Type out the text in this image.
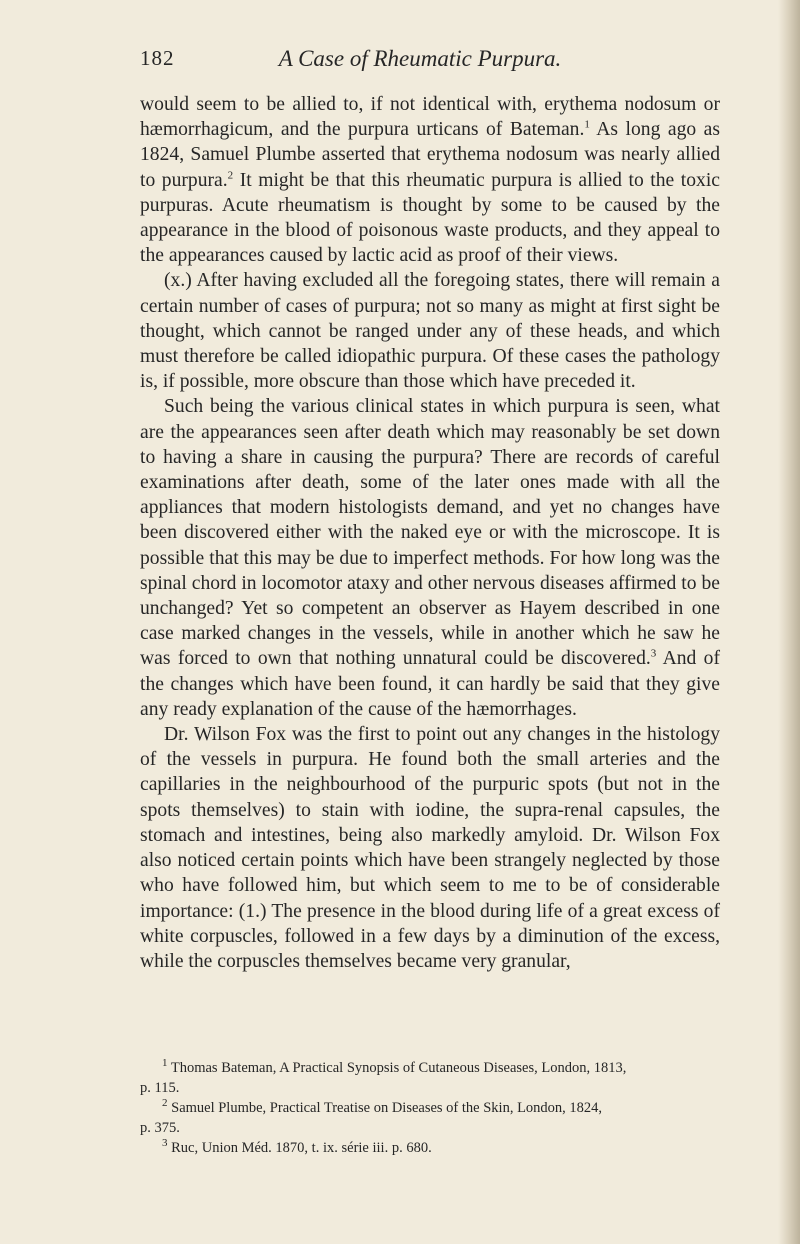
182	A Case of Rheumatic Purpura.

would seem to be allied to, if not identical with, erythema nodosum or hæmorrhagicum, and the purpura urticans of Bateman.$^1$ As long ago as 1824, Samuel Plumbe asserted that erythema nodosum was nearly allied to purpura.$^2$ It might be that this rheumatic purpura is allied to the toxic purpuras. Acute rheumatism is thought by some to be caused by the appearance in the blood of poisonous waste products, and they appeal to the appearances caused by lactic acid as proof of their views.

(x.) After having excluded all the foregoing states, there will remain a certain number of cases of purpura; not so many as might at first sight be thought, which cannot be ranged under any of these heads, and which must therefore be called idiopathic purpura. Of these cases the pathology is, if possible, more obscure than those which have preceded it.

Such being the various clinical states in which purpura is seen, what are the appearances seen after death which may reasonably be set down to having a share in causing the purpura? There are records of careful examinations after death, some of the later ones made with all the appliances that modern histologists demand, and yet no changes have been discovered either with the naked eye or with the microscope. It is possible that this may be due to imperfect methods. For how long was the spinal chord in locomotor ataxy and other nervous diseases affirmed to be unchanged? Yet so competent an observer as Hayem described in one case marked changes in the vessels, while in another which he saw he was forced to own that nothing unnatural could be discovered.$^3$ And of the changes which have been found, it can hardly be said that they give any ready explanation of the cause of the hæmorrhages.

Dr. Wilson Fox was the first to point out any changes in the histology of the vessels in purpura. He found both the small arteries and the capillaries in the neighbourhood of the purpuric spots (but not in the spots themselves) to stain with iodine, the supra-renal capsules, the stomach and intestines, being also markedly amyloid. Dr. Wilson Fox also noticed certain points which have been strangely neglected by those who have followed him, but which seem to me to be of considerable importance: (1.) The presence in the blood during life of a great excess of white corpuscles, followed in a few days by a diminution of the excess, while the corpuscles themselves became very granular,

$^1$ Thomas Bateman, A Practical Synopsis of Cutaneous Diseases, London, 1813,

p. 115.

$^2$ Samuel Plumbe, Practical Treatise on Diseases of the Skin, London, 1824,

p. 375.

$^3$ Ruc, Union Méd. 1870, t. ix. série iii. p. 680.
